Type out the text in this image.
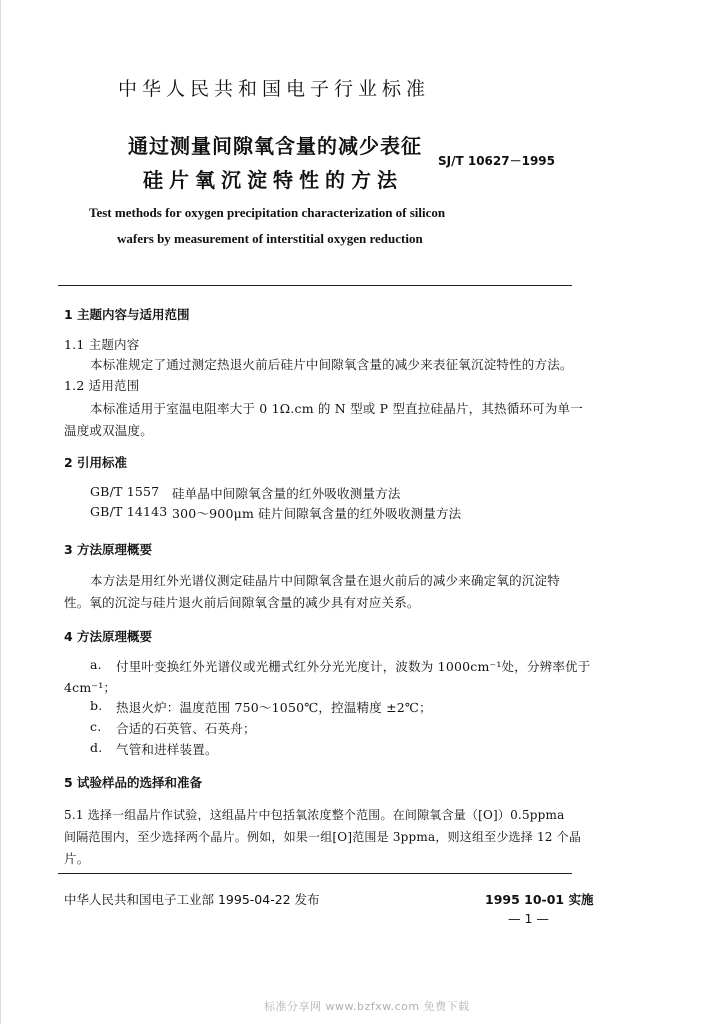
中华人民共和国电子行业标准
通过测量间隙氧含量的减少表征
硅片氧沉淀特性的方法
SJ/T 10627－1995
Test methods for oxygen precipitation characterization of silicon
wafers by measurement of interstitial oxygen reduction
1 主题内容与适用范围
1.1 主题内容
本标准规定了通过测定热退火前后硅片中间隙氧含量的减少来表征氧沉淀特性的方法。
1.2 适用范围
本标准适用于室温电阻率大于 0 1Ω.cm 的 N 型或 P 型直拉硅晶片，其热循环可为单一
温度或双温度。
2 引用标准
GB/T 1557 硅单晶中间隙氧含量的红外吸收测量方法
GB/T 14143 300～900μm 硅片间隙氧含量的红外吸收测量方法
3 方法原理概要
本方法是用红外光谱仪测定硅晶片中间隙氧含量在退火前后的减少来确定氧的沉淀特
性。氧的沉淀与硅片退火前后间隙氧含量的减少具有对应关系。
4 方法原理概要
a. 付里叶变换红外光谱仪或光栅式红外分光光度计，波数为 1000cm⁻¹处，分辨率优于
4cm⁻¹；
b. 热退火炉：温度范围 750～1050℃，控温精度 ±2℃；
c. 合适的石英管、石英舟；
d. 气管和进样装置。
5 试验样品的选择和准备
5.1 选择一组晶片作试验，这组晶片中包括氧浓度整个范围。在间隙氧含量（[O]）0.5ppma
间隔范围内，至少选择两个晶片。例如，如果一组[O]范围是 3ppma，则这组至少选择 12 个晶
片。
中华人民共和国电子工业部 1995-04-22 发布	1995 10-01 实施
— 1 —
标准分享网 www.bzfxw.com 免费下载
